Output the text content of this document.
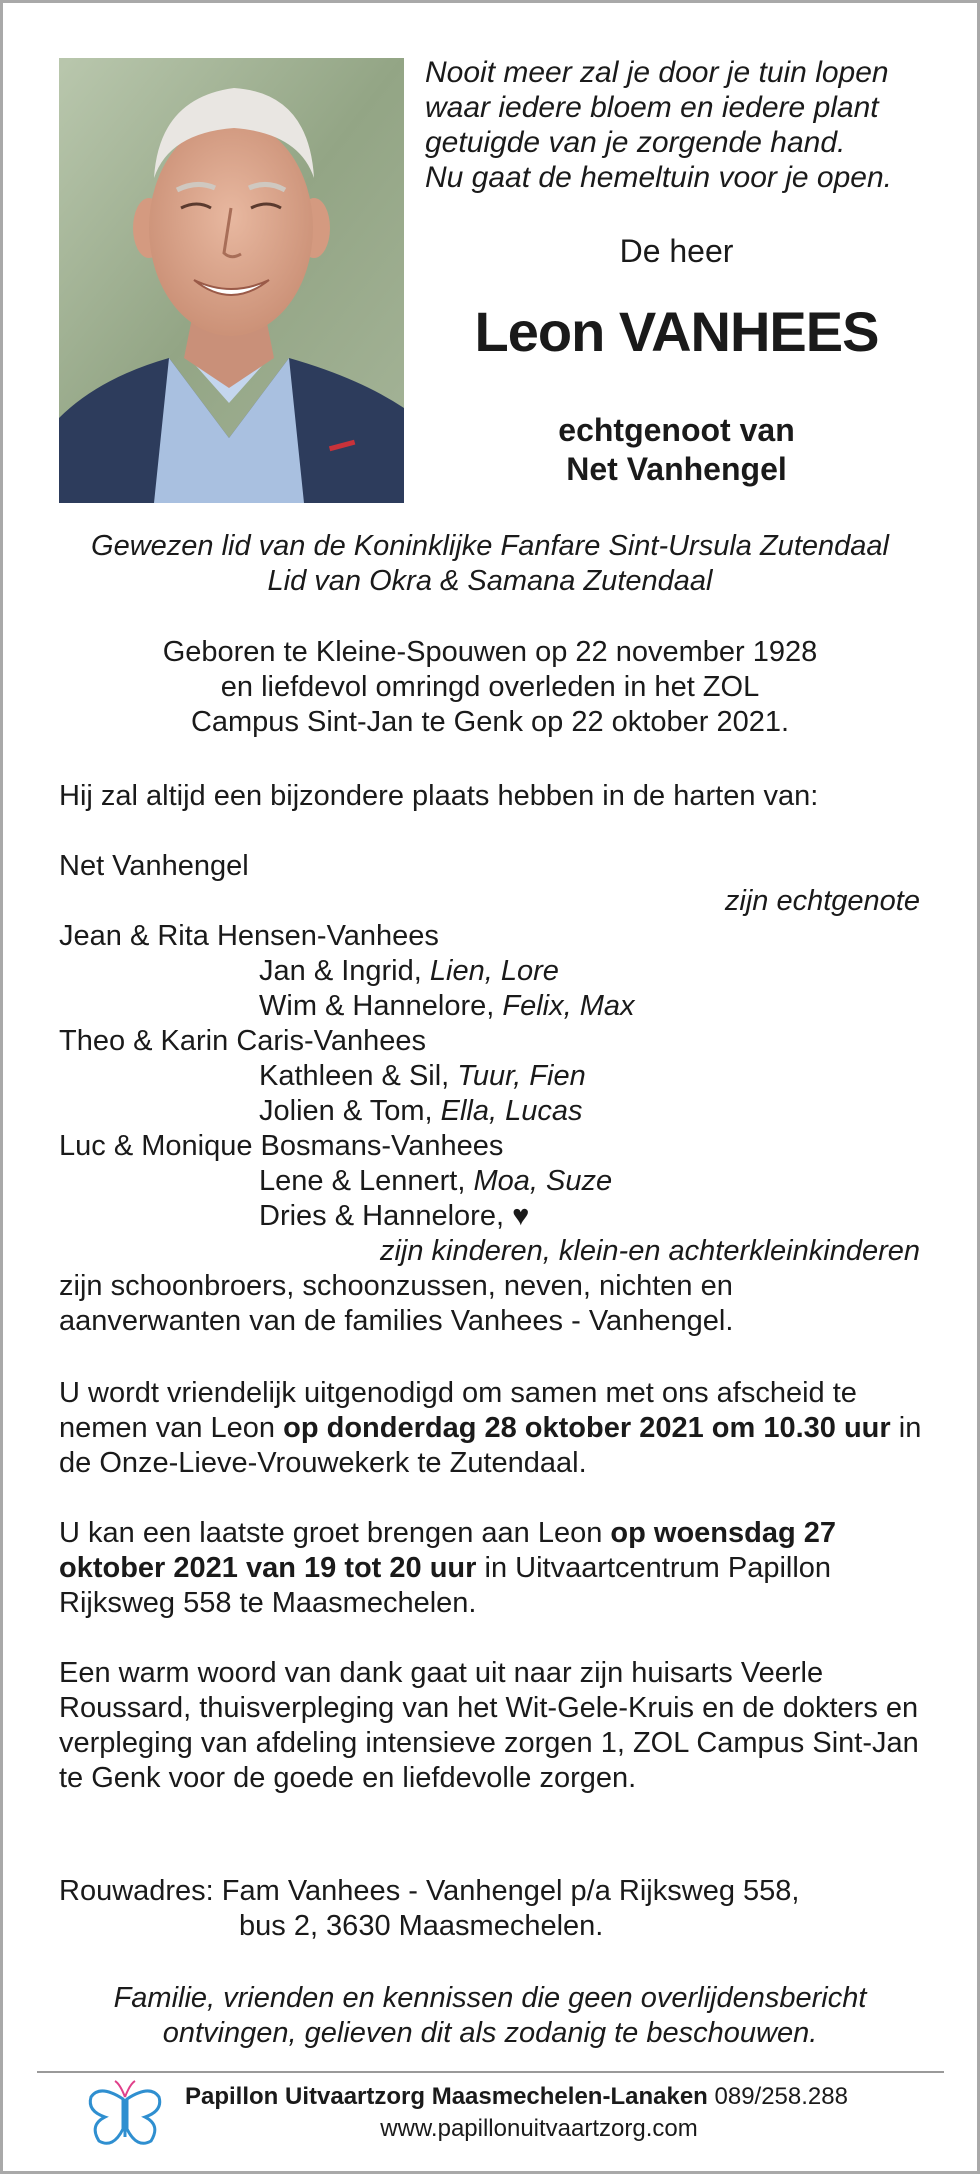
Nooit meer zal je door je tuin lopen
waar iedere bloem en iedere plant
getuigde van je zorgende hand.
Nu gaat de hemeltuin voor je open.
De heer
Leon VANHEES
echtgenoot van
Net Vanhengel
Gewezen lid van de Koninklijke Fanfare Sint-Ursula Zutendaal
Lid van Okra & Samana Zutendaal
Geboren te Kleine-Spouwen op 22 november 1928
en liefdevol omringd overleden in het ZOL
Campus Sint-Jan te Genk op 22 oktober 2021.
Hij zal altijd een bijzondere plaats hebben in de harten van:
Net Vanhengel
zijn echtgenote
Jean & Rita Hensen-Vanhees
Jan & Ingrid, Lien, Lore
Wim & Hannelore, Felix, Max
Theo & Karin Caris-Vanhees
Kathleen & Sil, Tuur, Fien
Jolien & Tom, Ella, Lucas
Luc & Monique Bosmans-Vanhees
Lene & Lennert, Moa, Suze
Dries & Hannelore, ♥
zijn kinderen, klein-en achterkleinkinderen
zijn schoonbroers, schoonzussen, neven, nichten en
aanverwanten van de families Vanhees - Vanhengel.
U wordt vriendelijk uitgenodigd om samen met ons afscheid te nemen van Leon op donderdag 28 oktober 2021 om 10.30 uur in de Onze-Lieve-Vrouwekerk te Zutendaal.
U kan een laatste groet brengen aan Leon op woensdag 27 oktober 2021 van 19 tot 20 uur in Uitvaartcentrum Papillon Rijksweg 558 te Maasmechelen.
Een warm woord van dank gaat uit naar zijn huisarts Veerle Roussard, thuisverpleging van het Wit-Gele-Kruis en de dokters en verpleging van afdeling intensieve zorgen 1, ZOL Campus Sint-Jan te Genk voor de goede en liefdevolle zorgen.
Rouwadres: Fam Vanhees - Vanhengel p/a Rijksweg 558,
bus 2, 3630 Maasmechelen.
Familie, vrienden en kennissen die geen overlijdensbericht
ontvingen, gelieven dit als zodanig te beschouwen.
Papillon Uitvaartzorg Maasmechelen-Lanaken 089/258.288
www.papillonuitvaartzorg.com
